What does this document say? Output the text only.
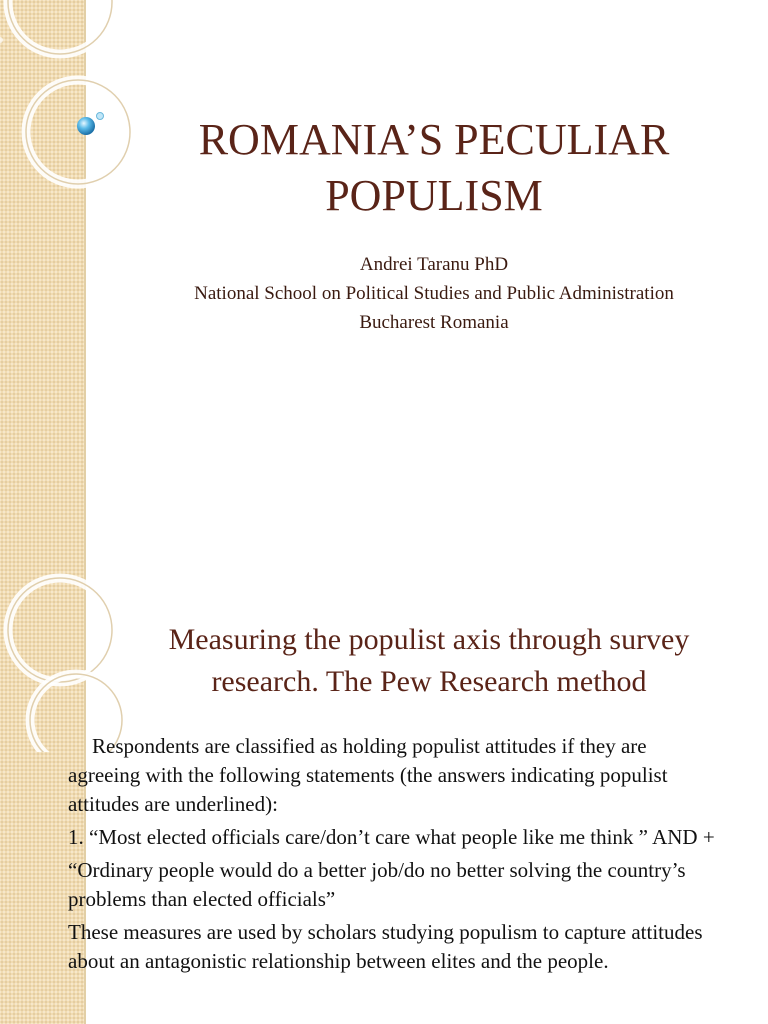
ROMANIA’S PECULIAR
POPULISM
Andrei Taranu PhD
National School on Political Studies and Public Administration
Bucharest Romania
Measuring the populist axis through survey
research. The Pew Research method

Respondents are classified as holding populist attitudes if they are agreeing with the following statements (the answers indicating populist attitudes are underlined):

1. “Most elected officials care/don’t care what people like me think ” AND +

“Ordinary people would do a better job/do no better solving the country’s problems than elected officials”

These measures are used by scholars studying populism to capture attitudes about an antagonistic relationship between elites and the people.
